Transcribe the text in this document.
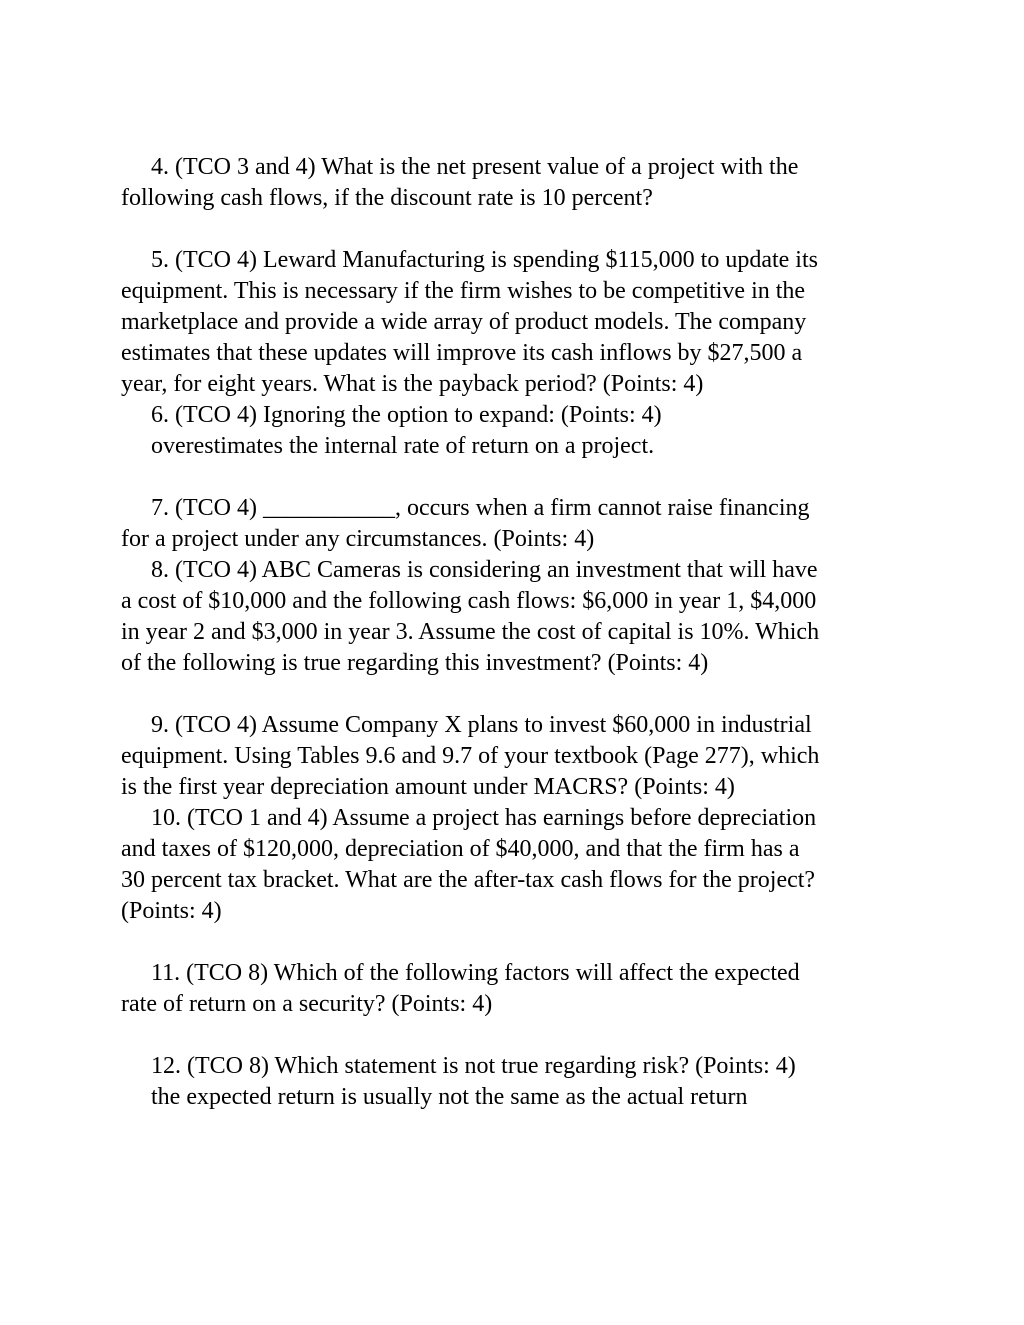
4. (TCO 3 and 4) What is the net present value of a project with the
following cash flows, if the discount rate is 10 percent?
5. (TCO 4) Leward Manufacturing is spending $115,000 to update its
equipment. This is necessary if the firm wishes to be competitive in the
marketplace and provide a wide array of product models. The company
estimates that these updates will improve its cash inflows by $27,500 a
year, for eight years. What is the payback period? (Points: 4)
6. (TCO 4) Ignoring the option to expand: (Points: 4)
overestimates the internal rate of return on a project.
7. (TCO 4) ___________, occurs when a firm cannot raise financing
for a project under any circumstances. (Points: 4)
8. (TCO 4) ABC Cameras is considering an investment that will have
a cost of $10,000 and the following cash flows: $6,000 in year 1, $4,000
in year 2 and $3,000 in year 3. Assume the cost of capital is 10%. Which
of the following is true regarding this investment? (Points: 4)
9. (TCO 4) Assume Company X plans to invest $60,000 in industrial
equipment. Using Tables 9.6 and 9.7 of your textbook (Page 277), which
is the first year depreciation amount under MACRS? (Points: 4)
10. (TCO 1 and 4) Assume a project has earnings before depreciation
and taxes of $120,000, depreciation of $40,000, and that the firm has a
30 percent tax bracket. What are the after-tax cash flows for the project?
(Points: 4)
11. (TCO 8) Which of the following factors will affect the expected
rate of return on a security? (Points: 4)
12. (TCO 8) Which statement is not true regarding risk? (Points: 4)
the expected return is usually not the same as the actual return
